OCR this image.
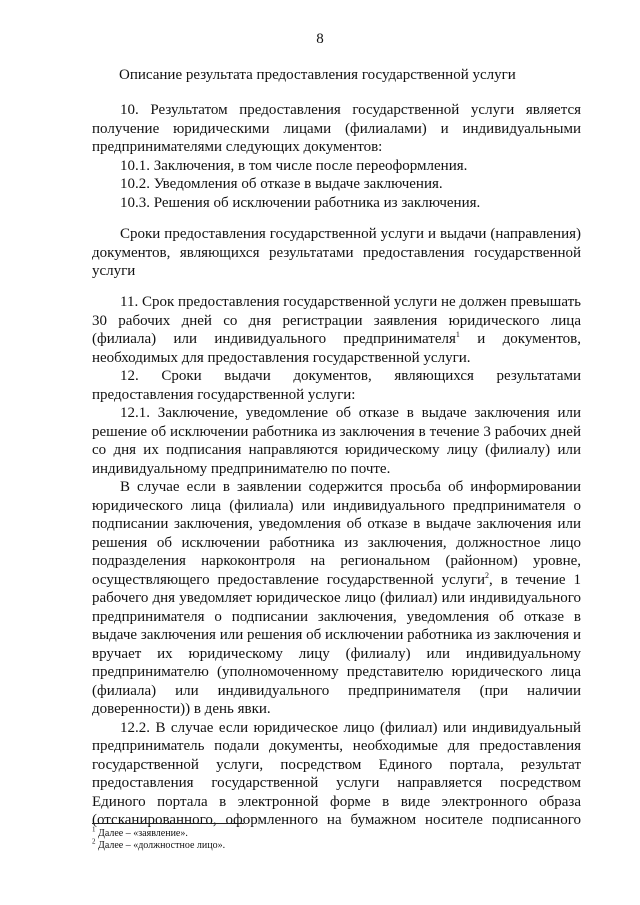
8
Описание результата предоставления государственной услуги

10. Результатом предоставления государственной услуги является получение юридическими лицами (филиалами) и индивидуальными предпринимателями следующих документов:

10.1. Заключения, в том числе после переоформления.

10.2. Уведомления об отказе в выдаче заключения.

10.3. Решения об исключении работника из заключения.

Сроки предоставления государственной услуги и выдачи (направления) документов, являющихся результатами предоставления государственной услуги

11. Срок предоставления государственной услуги не должен превышать 30 рабочих дней со дня регистрации заявления юридического лица (филиала) или индивидуального предпринимателя$^1$ и документов, необходимых для предоставления государственной услуги.

12. Сроки выдачи документов, являющихся результатами предоставления государственной услуги:

12.1. Заключение, уведомление об отказе в выдаче заключения или решение об исключении работника из заключения в течение 3 рабочих дней со дня их подписания направляются юридическому лицу (филиалу) или индивидуальному предпринимателю по почте.

В случае если в заявлении содержится просьба об информировании юридического лица (филиала) или индивидуального предпринимателя о подписании заключения, уведомления об отказе в выдаче заключения или решения об исключении работника из заключения, должностное лицо подразделения наркоконтроля на региональном (районном) уровне, осуществляющего предоставление государственной услуги$^2$, в течение 1 рабочего дня уведомляет юридическое лицо (филиал) или индивидуального предпринимателя о подписании заключения, уведомления об отказе в выдаче заключения или решения об исключении работника из заключения и вручает их юридическому лицу (филиалу) или индивидуальному предпринимателю (уполномоченному представителю юридического лица (филиала) или индивидуального предпринимателя (при наличии доверенности)) в день явки.

12.2. В случае если юридическое лицо (филиал) или индивидуальный предприниматель подали документы, необходимые для предоставления государственной услуги, посредством Единого портала, результат предоставления государственной услуги направляется посредством Единого портала в электронной форме в виде электронного образа (отсканированного, оформленного на бумажном носителе подписанного

$^1$ Далее – «заявление».
$^2$ Далее – «должностное лицо».
